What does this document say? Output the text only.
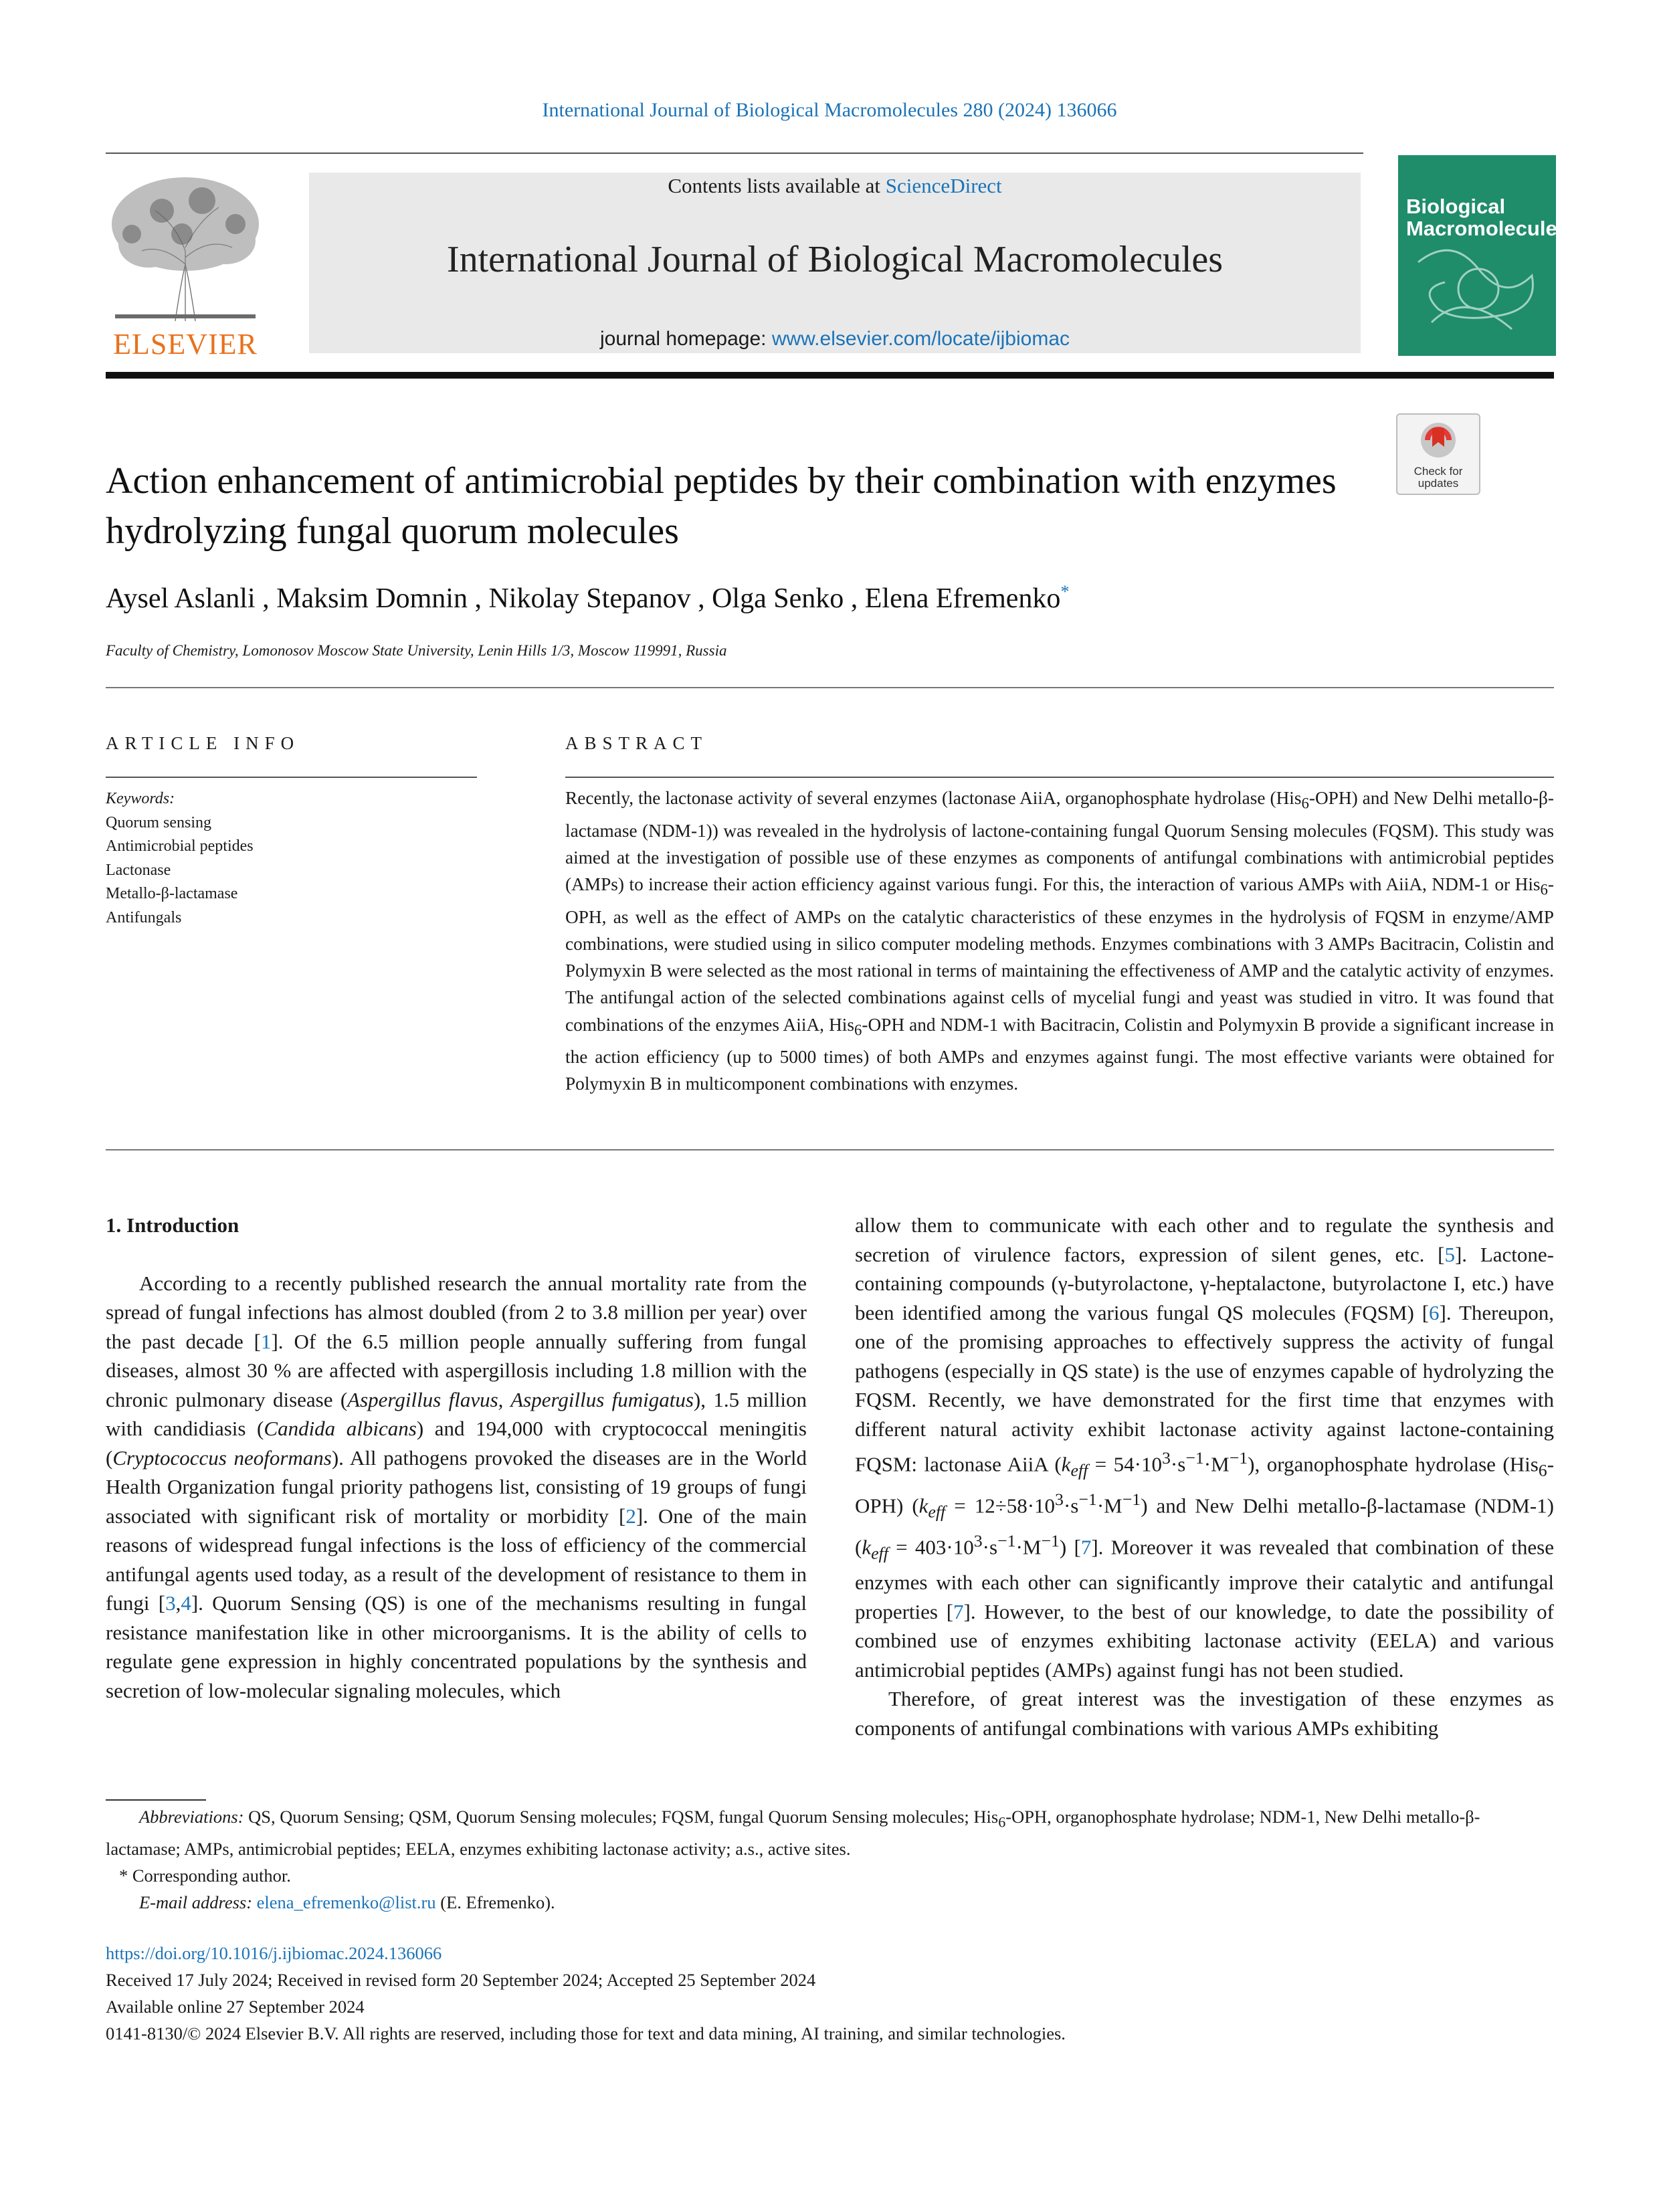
International Journal of Biological Macromolecules 280 (2024) 136066
ELSEVIER
Contents lists available at ScienceDirect
International Journal of Biological Macromolecules
journal homepage: www.elsevier.com/locate/ijbiomac
Biological
Macromolecules
Action enhancement of antimicrobial peptides by their combination with enzymes hydrolyzing fungal quorum molecules
Check for
updates
Aysel Aslanli , Maksim Domnin , Nikolay Stepanov , Olga Senko , Elena Efremenko*
Faculty of Chemistry, Lomonosov Moscow State University, Lenin Hills 1/3, Moscow 119991, Russia
ARTICLE INFO	ABSTRACT
Keywords:
Quorum sensing
Antimicrobial peptides
Lactonase
Metallo-β-lactamase
Antifungals
Recently, the lactonase activity of several enzymes (lactonase AiiA, organophosphate hydrolase (His$_6$-OPH) and New Delhi metallo-β-lactamase (NDM-1)) was revealed in the hydrolysis of lactone-containing fungal Quorum Sensing molecules (FQSM). This study was aimed at the investigation of possible use of these enzymes as components of antifungal combinations with antimicrobial peptides (AMPs) to increase their action efficiency against various fungi. For this, the interaction of various AMPs with AiiA, NDM-1 or His$_6$-OPH, as well as the effect of AMPs on the catalytic characteristics of these enzymes in the hydrolysis of FQSM in enzyme/AMP combinations, were studied using in silico computer modeling methods. Enzymes combinations with 3 AMPs Bacitracin, Colistin and Polymyxin B were selected as the most rational in terms of maintaining the effectiveness of AMP and the catalytic activity of enzymes. The antifungal action of the selected combinations against cells of mycelial fungi and yeast was studied in vitro. It was found that combinations of the enzymes AiiA, His$_6$-OPH and NDM-1 with Bacitracin, Colistin and Polymyxin B provide a significant increase in the action efficiency (up to 5000 times) of both AMPs and enzymes against fungi. The most effective variants were obtained for Polymyxin B in multicomponent combinations with enzymes.
1. Introduction

According to a recently published research the annual mortality rate from the spread of fungal infections has almost doubled (from 2 to 3.8 million per year) over the past decade [1]. Of the 6.5 million people annually suffering from fungal diseases, almost 30 % are affected with aspergillosis including 1.8 million with the chronic pulmonary disease (Aspergillus flavus, Aspergillus fumigatus), 1.5 million with candidiasis (Candida albicans) and 194,000 with cryptococcal meningitis (Cryptococcus neoformans). All pathogens provoked the diseases are in the World Health Organization fungal priority pathogens list, consisting of 19 groups of fungi associated with significant risk of mortality or morbidity [2]. One of the main reasons of widespread fungal infections is the loss of efficiency of the commercial antifungal agents used today, as a result of the development of resistance to them in fungi [3,4]. Quorum Sensing (QS) is one of the mechanisms resulting in fungal resistance manifestation like in other microorganisms. It is the ability of cells to regulate gene expression in highly concentrated populations by the synthesis and secretion of low-molecular signaling molecules, which

allow them to communicate with each other and to regulate the synthesis and secretion of virulence factors, expression of silent genes, etc. [5]. Lactone-containing compounds (γ-butyrolactone, γ-heptalactone, butyrolactone I, etc.) have been identified among the various fungal QS molecules (FQSM) [6]. Thereupon, one of the promising approaches to effectively suppress the activity of fungal pathogens (especially in QS state) is the use of enzymes capable of hydrolyzing the FQSM. Recently, we have demonstrated for the first time that enzymes with different natural activity exhibit lactonase activity against lactone-containing FQSM: lactonase AiiA $(k_{eff} = 54\cdot 10^3\cdot s^{-1}\cdot M^{-1})$, organophosphate hydrolase (His$_6$-OPH) $(k_{eff} = 12\div 58\cdot 10^3\cdot s^{-1}\cdot M^{-1})$ and New Delhi metallo-β-lactamase (NDM-1) $(k_{eff} = 403\cdot 10^3\cdot s^{-1}\cdot M^{-1})$ [7]. Moreover it was revealed that combination of these enzymes with each other can significantly improve their catalytic and antifungal properties [7]. However, to the best of our knowledge, to date the possibility of combined use of enzymes exhibiting lactonase activity (EELA) and various antimicrobial peptides (AMPs) against fungi has not been studied.

Therefore, of great interest was the investigation of these enzymes as components of antifungal combinations with various AMPs exhibiting

Abbreviations: QS, Quorum Sensing; QSM, Quorum Sensing molecules; FQSM, fungal Quorum Sensing molecules; His$_6$-OPH, organophosphate hydrolase; NDM-1, New Delhi metallo-β-lactamase; AMPs, antimicrobial peptides; EELA, enzymes exhibiting lactonase activity; a.s., active sites.

* Corresponding author.

E-mail address: elena_efremenko@list.ru (E. Efremenko).

https://doi.org/10.1016/j.ijbiomac.2024.136066

Received 17 July 2024; Received in revised form 20 September 2024; Accepted 25 September 2024

Available online 27 September 2024

0141-8130/© 2024 Elsevier B.V. All rights are reserved, including those for text and data mining, AI training, and similar technologies.
